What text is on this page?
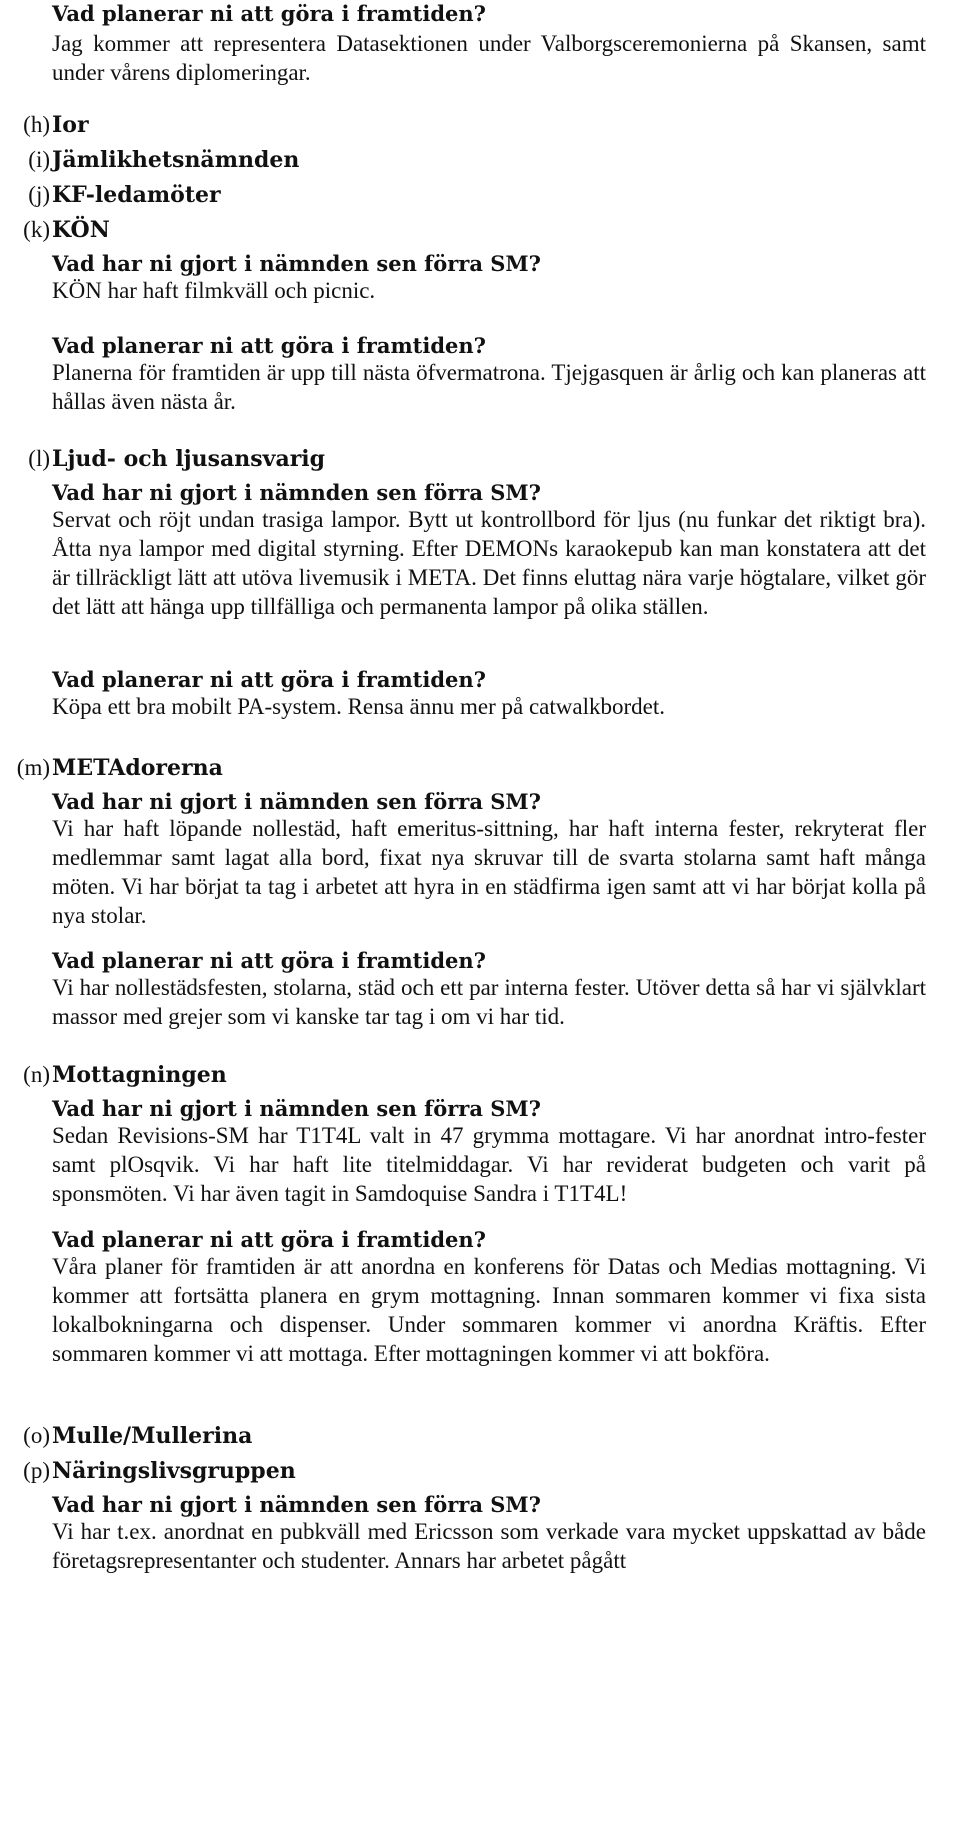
Vad planerar ni att göra i framtiden?
Jag kommer att representera Datasektionen under Valborgsceremonierna på Skansen, samt under vårens diplomeringar.
(h) Ior
(i) Jämlikhetsnämnden
(j) KF-ledamöter
(k) KÖN
Vad har ni gjort i nämnden sen förra SM?
KÖN har haft filmkväll och picnic.
Vad planerar ni att göra i framtiden?
Planerna för framtiden är upp till nästa öfvermatrona. Tjejgasquen är årlig och kan planeras att hållas även nästa år.
(l) Ljud- och ljusansvarig
Vad har ni gjort i nämnden sen förra SM?
Servat och röjt undan trasiga lampor. Bytt ut kontrollbord för ljus (nu funkar det riktigt bra). Åtta nya lampor med digital styrning. Efter DEMONs karaokepub kan man konstatera att det är tillräckligt lätt att utöva livemusik i META. Det finns eluttag nära varje högtalare, vilket gör det lätt att hänga upp tillfälliga och permanenta lampor på olika ställen.
Vad planerar ni att göra i framtiden?
Köpa ett bra mobilt PA-system. Rensa ännu mer på catwalkbordet.
(m) METAdorerna
Vad har ni gjort i nämnden sen förra SM?
Vi har haft löpande nollestäd, haft emeritus-sittning, har haft interna fester, rekryterat fler medlemmar samt lagat alla bord, fixat nya skruvar till de svarta stolarna samt haft många möten. Vi har börjat ta tag i arbetet att hyra in en städfirma igen samt att vi har börjat kolla på nya stolar.
Vad planerar ni att göra i framtiden?
Vi har nollestädsfesten, stolarna, städ och ett par interna fester. Utöver detta så har vi självklart massor med grejer som vi kanske tar tag i om vi har tid.
(n) Mottagningen
Vad har ni gjort i nämnden sen förra SM?
Sedan Revisions-SM har T1T4L valt in 47 grymma mottagare. Vi har anordnat intro-fester samt plOsqvik. Vi har haft lite titelmiddagar. Vi har reviderat budgeten och varit på sponsmöten. Vi har även tagit in Samdoquise Sandra i T1T4L!
Vad planerar ni att göra i framtiden?
Våra planer för framtiden är att anordna en konferens för Datas och Medias mottagning. Vi kommer att fortsätta planera en grym mottagning. Innan sommaren kommer vi fixa sista lokalbokningarna och dispenser. Under sommaren kommer vi anordna Kräftis. Efter sommaren kommer vi att mottaga. Efter mottagningen kommer vi att bokföra.
(o) Mulle/Mullerina
(p) Näringslivsgruppen
Vad har ni gjort i nämnden sen förra SM?
Vi har t.ex. anordnat en pubkväll med Ericsson som verkade vara mycket uppskattad av både företagsrepresentanter och studenter. Annars har arbetet pågått
